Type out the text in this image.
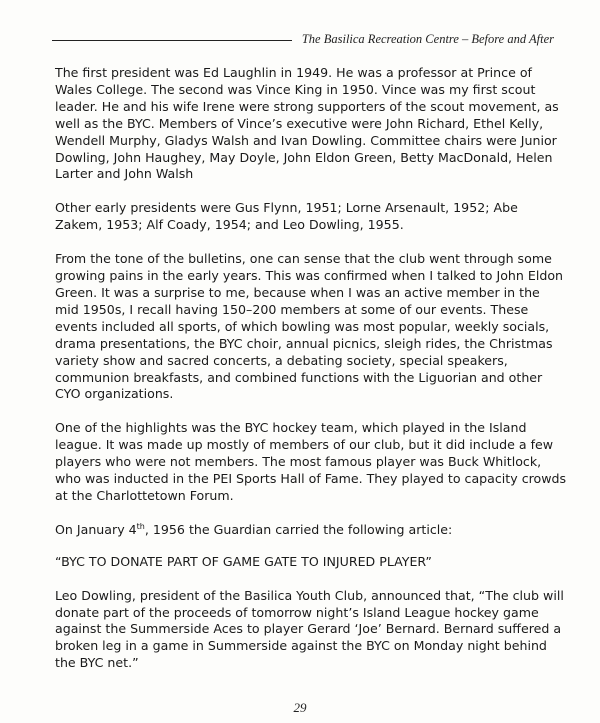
The Basilica Recreation Centre – Before and After

The first president was Ed Laughlin in 1949. He was a professor at Prince of Wales College. The second was Vince King in 1950. Vince was my first scout leader. He and his wife Irene were strong supporters of the scout movement, as well as the BYC. Members of Vince’s executive were John Richard, Ethel Kelly, Wendell Murphy, Gladys Walsh and Ivan Dowling. Committee chairs were Junior Dowling, John Haughey, May Doyle, John Eldon Green, Betty MacDonald, Helen Larter and John Walsh

Other early presidents were Gus Flynn, 1951; Lorne Arsenault, 1952; Abe Zakem, 1953; Alf Coady, 1954; and Leo Dowling, 1955.

From the tone of the bulletins, one can sense that the club went through some growing pains in the early years. This was confirmed when I talked to John Eldon Green. It was a surprise to me, because when I was an active member in the mid 1950s, I recall having 150–200 members at some of our events. These events included all sports, of which bowling was most popular, weekly socials, drama presentations, the BYC choir, annual picnics, sleigh rides, the Christmas variety show and sacred concerts, a debating society, special speakers, communion breakfasts, and combined functions with the Liguorian and other CYO organizations.

One of the highlights was the BYC hockey team, which played in the Island league. It was made up mostly of members of our club, but it did include a few players who were not members. The most famous player was Buck Whitlock, who was inducted in the PEI Sports Hall of Fame. They played to capacity crowds at the Charlottetown Forum.

On January 4th, 1956 the Guardian carried the following article:

“BYC TO DONATE PART OF GAME GATE TO INJURED PLAYER”

Leo Dowling, president of the Basilica Youth Club, announced that, “The club will donate part of the proceeds of tomorrow night’s Island League hockey game against the Summerside Aces to player Gerard ‘Joe’ Bernard. Bernard suffered a broken leg in a game in Summerside against the BYC on Monday night behind the BYC net.”

29
